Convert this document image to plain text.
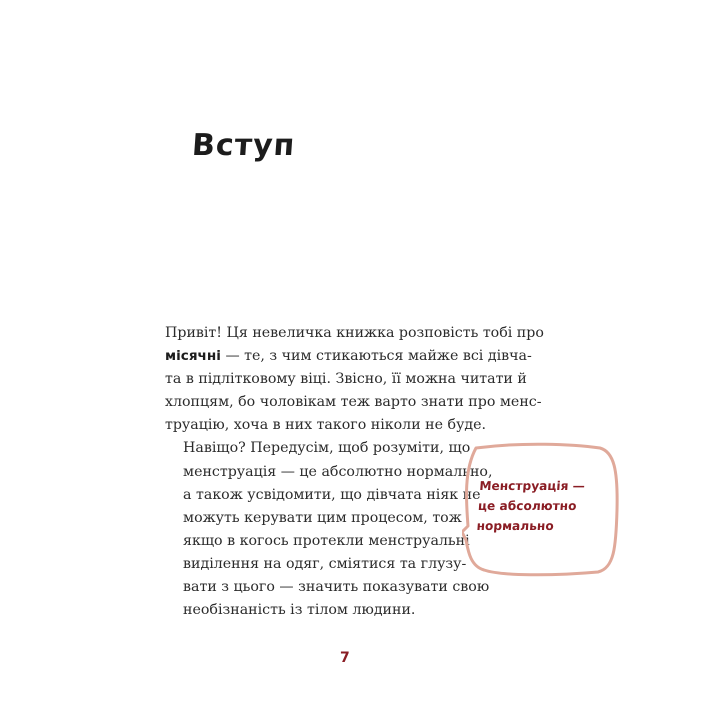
Вступ
Привіт! Ця невеличка книжка розповість тобі про
місячні — те, з чим стикаються майже всі дівча-
та в підлітковому віці. Звісно, її можна читати й
хлопцям, бо чоловікам теж варто знати про менс-
труацію, хоча в них такого ніколи не буде.
Навіщо? Передусім, щоб розуміти, що
менструація — це абсолютно нормально,
а також усвідомити, що дівчата ніяк не
можуть керувати цим процесом, тож
якщо в когось протекли менструальні
виділення на одяг, сміятися та глузу-
вати з цього — значить показувати свою
необізнаність із тілом людини.
Менструація —
це абсолютно
нормально
7
